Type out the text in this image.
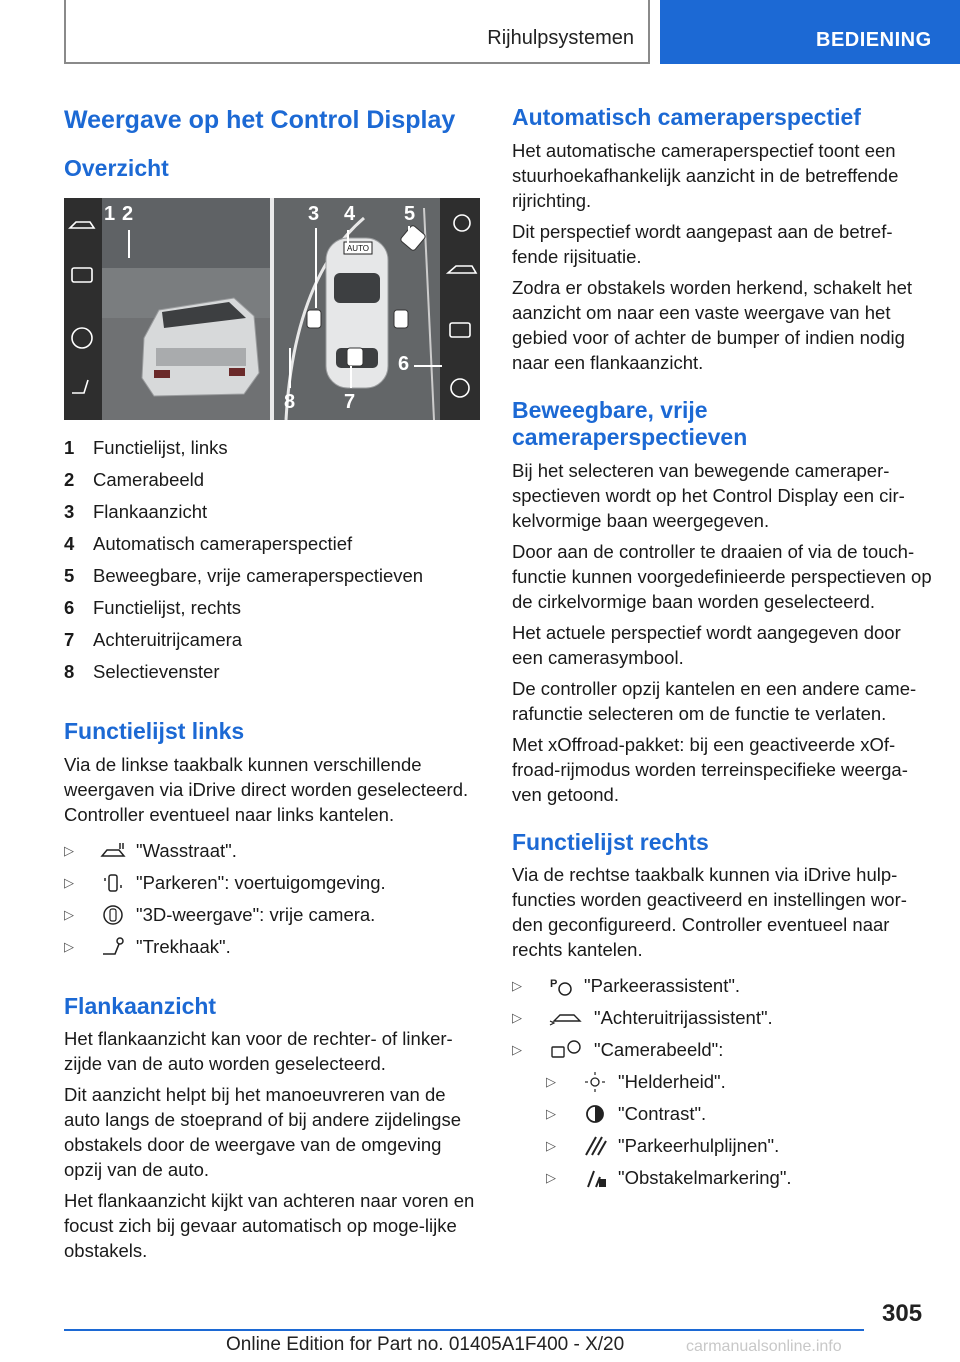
Rijhulpsystemen	BEDIENING
Weergave op het Control Display
Overzicht
AUTO
1 2	3 4 5
6
7
8
1	Functielijst, links
2	Camerabeeld
3	Flankaanzicht
4	Automatisch cameraperspectief
5	Beweegbare, vrije cameraperspectieven
6	Functielijst, rechts
7	Achteruitrijcamera
8	Selectievenster
Functielijst links

Via de linkse taakbalk kunnen verschillende weergaven via iDrive direct worden geselecteerd. Controller eventueel naar links kantelen.

▷	"Wasstraat".
▷	"Parkeren": voertuigomgeving.
▷	"3D-weergave": vrije camera.
▷	"Trekhaak".
Flankaanzicht

Het flankaanzicht kan voor de rechter- of linker-zijde van de auto worden geselecteerd.

Dit aanzicht helpt bij het manoeuvreren van de auto langs de stoeprand of bij andere zijdelingse obstakels door de weergave van de omgeving opzij van de auto.

Het flankaanzicht kijkt van achteren naar voren en focust zich bij gevaar automatisch op moge-lijke obstakels.

Automatisch cameraperspectief

Het automatische cameraperspectief toont een stuurhoekafhankelijk aanzicht in de betreffende rijrichting.

Dit perspectief wordt aangepast aan de betref-fende rijsituatie.

Zodra er obstakels worden herkend, schakelt het aanzicht om naar een vaste weergave van het gebied voor of achter de bumper of indien nodig naar een flankaanzicht.

Beweegbare, vrije cameraperspectieven

Bij het selecteren van bewegende cameraper-spectieven wordt op het Control Display een cir-kelvormige baan weergegeven.

Door aan de controller te draaien of via de touch-functie kunnen voorgedefinieerde perspectieven op de cirkelvormige baan worden geselecteerd.

Het actuele perspectief wordt aangegeven door een camerasymbool.

De controller opzij kantelen en een andere came-rafunctie selecteren om de functie te verlaten.

Met xOffroad-pakket: bij een geactiveerde xOf-froad-rijmodus worden terreinspecifieke weerga-ven getoond.

Functielijst rechts

Via de rechtse taakbalk kunnen via iDrive hulp-functies worden geactiveerd en instellingen wor-den geconfigureerd. Controller eventueel naar rechts kantelen.

▷	P "Parkeerassistent".
▷	"Achteruitrijassistent".
▷	"Camerabeeld":
▷	"Helderheid".
▷	"Contrast".
▷	"Parkeerhulplijnen".
▷	"Obstakelmarkering".
305
Online Edition for Part no. 01405A1F400 - X/20	carmanualsonline.info
